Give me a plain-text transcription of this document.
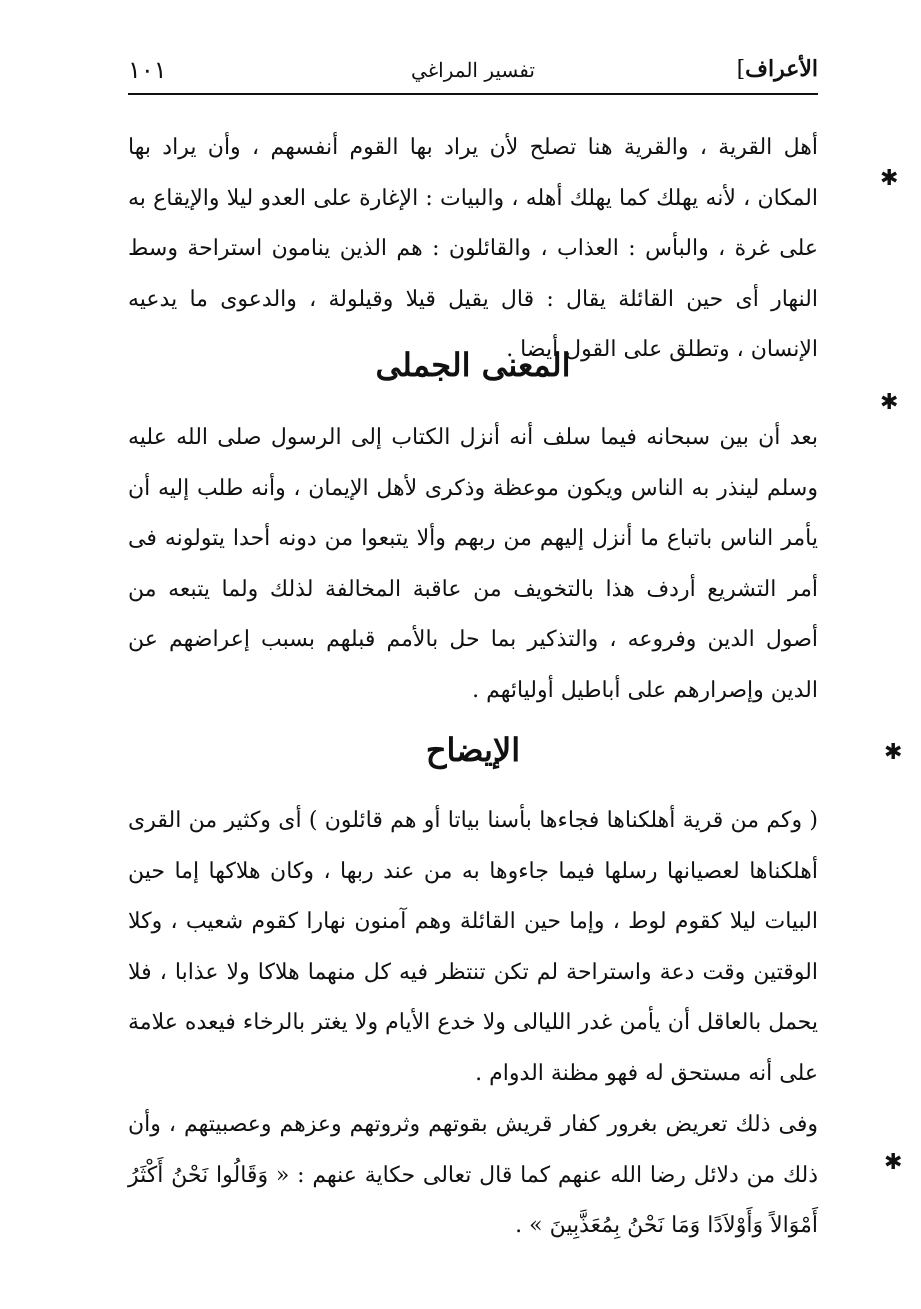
الأعراف]
تفسير المراغي
١٠١

أهل القرية ، والقرية هنا تصلح لأن يراد بها القوم أنفسهم ، وأن يراد بها المكان ، لأنه يهلك كما يهلك أهله ، والبيات : الإغارة على العدو ليلا والإيقاع به على غرة ، والبأس : العذاب ، والقائلون : هم الذين ينامون استراحة وسط النهار أى حين القائلة يقال : قال يقيل قيلا وقيلولة ، والدعوى ما يدعيه الإنسان ، وتطلق على القول أيضا .

المعنى الجملى

بعد أن بين سبحانه فيما سلف أنه أنزل الكتاب إلى الرسول صلى الله عليه وسلم لينذر به الناس ويكون موعظة وذكرى لأهل الإيمان ، وأنه طلب إليه أن يأمر الناس باتباع ما أنزل إليهم من ربهم وألا يتبعوا من دونه أحدا يتولونه فى أمر التشريع أردف هذا بالتخويف من عاقبة المخالفة لذلك ولما يتبعه من أصول الدين وفروعه ، والتذكير بما حل بالأمم قبلهم بسبب إعراضهم عن الدين وإصرارهم على أباطيل أوليائهم .

الإيضاح

( وكم من قرية أهلكناها فجاءها بأسنا بياتا أو هم قائلون ) أى وكثير من القرى أهلكناها لعصيانها رسلها فيما جاءوها به من عند ربها ، وكان هلاكها إما حين البيات ليلا كقوم لوط ، وإما حين القائلة وهم آمنون نهارا كقوم شعيب ، وكلا الوقتين وقت دعة واستراحة لم تكن تنتظر فيه كل منهما هلاكا ولا عذابا ، فلا يحمل بالعاقل أن يأمن غدر الليالى ولا خدع الأيام ولا يغتر بالرخاء فيعده علامة على أنه مستحق له فهو مظنة الدوام .

وفى ذلك تعريض بغرور كفار قريش بقوتهم وثروتهم وعزهم وعصبيتهم ، وأن ذلك من دلائل رضا الله عنهم كما قال تعالى حكاية عنهم : « وَقَالُوا نَحْنُ أَكْثَرُ أَمْوَالاً وَأَوْلاَدًا وَمَا نَحْنُ بِمُعَذَّبِينَ » .

✱
✱
✱
✱
